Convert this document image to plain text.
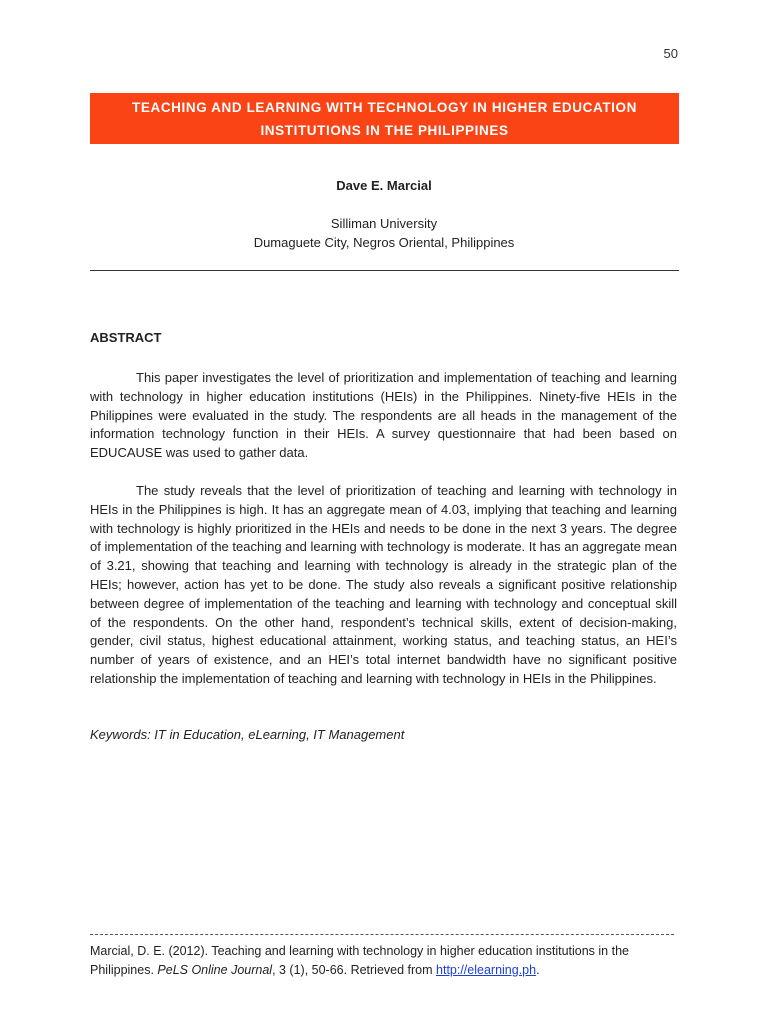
50
TEACHING AND LEARNING WITH TECHNOLOGY IN HIGHER EDUCATION
INSTITUTIONS IN THE PHILIPPINES
Dave E. Marcial
Silliman University
Dumaguete City, Negros Oriental, Philippines
ABSTRACT

This paper investigates the level of prioritization and implementation of teaching and learning with technology in higher education institutions (HEIs) in the Philippines. Ninety-five HEIs in the Philippines were evaluated in the study. The respondents are all heads in the management of the information technology function in their HEIs. A survey questionnaire that had been based on EDUCAUSE was used to gather data.

The study reveals that the level of prioritization of teaching and learning with technology in HEIs in the Philippines is high. It has an aggregate mean of 4.03, implying that teaching and learning with technology is highly prioritized in the HEIs and needs to be done in the next 3 years. The degree of implementation of the teaching and learning with technology is moderate. It has an aggregate mean of 3.21, showing that teaching and learning with technology is already in the strategic plan of the HEIs; however, action has yet to be done. The study also reveals a significant positive relationship between degree of implementation of the teaching and learning with technology and conceptual skill of the respondents. On the other hand, respondent’s technical skills, extent of decision-making, gender, civil status, highest educational attainment, working status, and teaching status, an HEI’s number of years of existence, and an HEI’s total internet bandwidth have no significant positive relationship the implementation of teaching and learning with technology in HEIs in the Philippines.

Keywords: IT in Education, eLearning, IT Management
Marcial, D. E. (2012). Teaching and learning with technology in higher education institutions in the Philippines. PeLS Online Journal, 3 (1), 50-66. Retrieved from http://elearning.ph.
